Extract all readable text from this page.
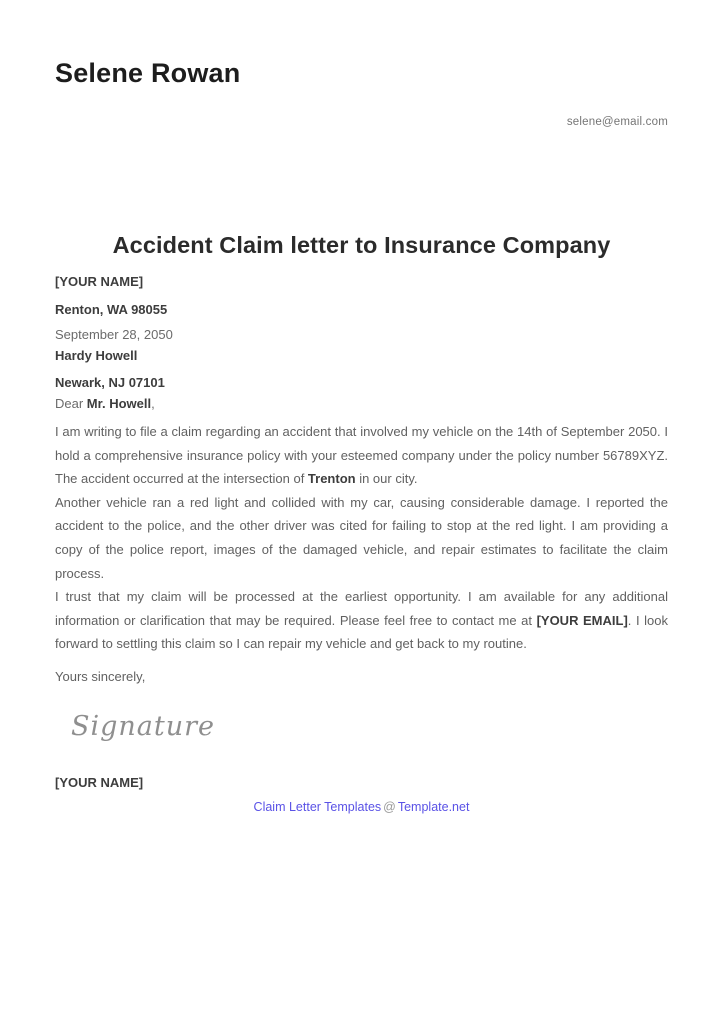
Selene Rowan
selene@email.com
Accident Claim letter to Insurance Company
[YOUR NAME]
Renton, WA 98055
September 28, 2050
Hardy Howell
Newark, NJ 07101
Dear Mr. Howell,

I am writing to file a claim regarding an accident that involved my vehicle on the 14th of September 2050. I hold a comprehensive insurance policy with your esteemed company under the policy number 56789XYZ. The accident occurred at the intersection of Trenton in our city.

Another vehicle ran a red light and collided with my car, causing considerable damage. I reported the accident to the police, and the other driver was cited for failing to stop at the red light. I am providing a copy of the police report, images of the damaged vehicle, and repair estimates to facilitate the claim process.

I trust that my claim will be processed at the earliest opportunity. I am available for any additional information or clarification that may be required. Please feel free to contact me at [YOUR EMAIL]. I look forward to settling this claim so I can repair my vehicle and get back to my routine.

Yours sincerely,
Signature
[YOUR NAME]
Claim Letter Templates @ Template.net
